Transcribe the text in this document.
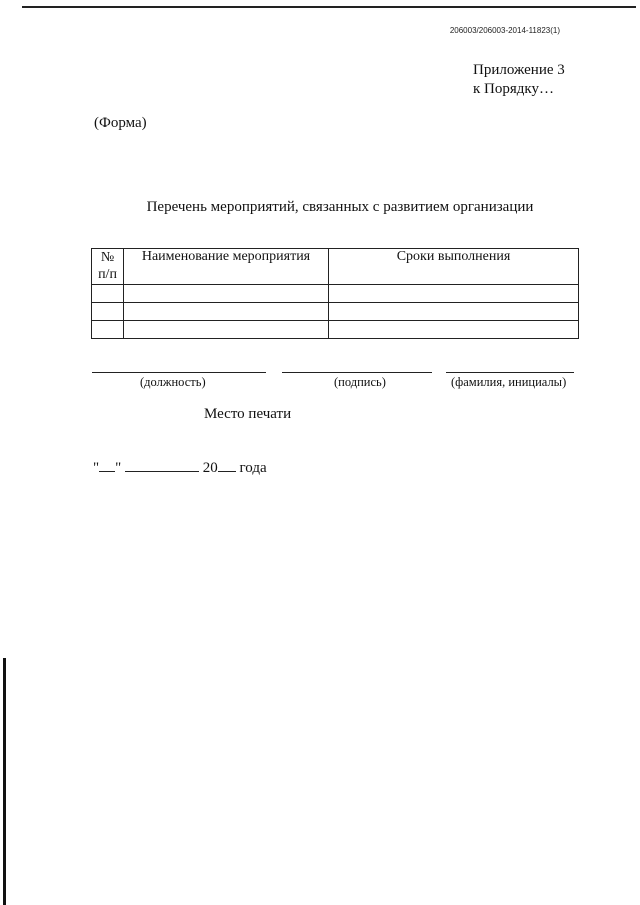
206003/206003-2014-11823(1)
Приложение 3
к Порядку…
(Форма)
Перечень мероприятий, связанных с развитием организации
№
п/п	Наименование мероприятия	Сроки выполнения

(должность)	(подпись)	(фамилия, инициалы)
Место печати
" "	20 года
